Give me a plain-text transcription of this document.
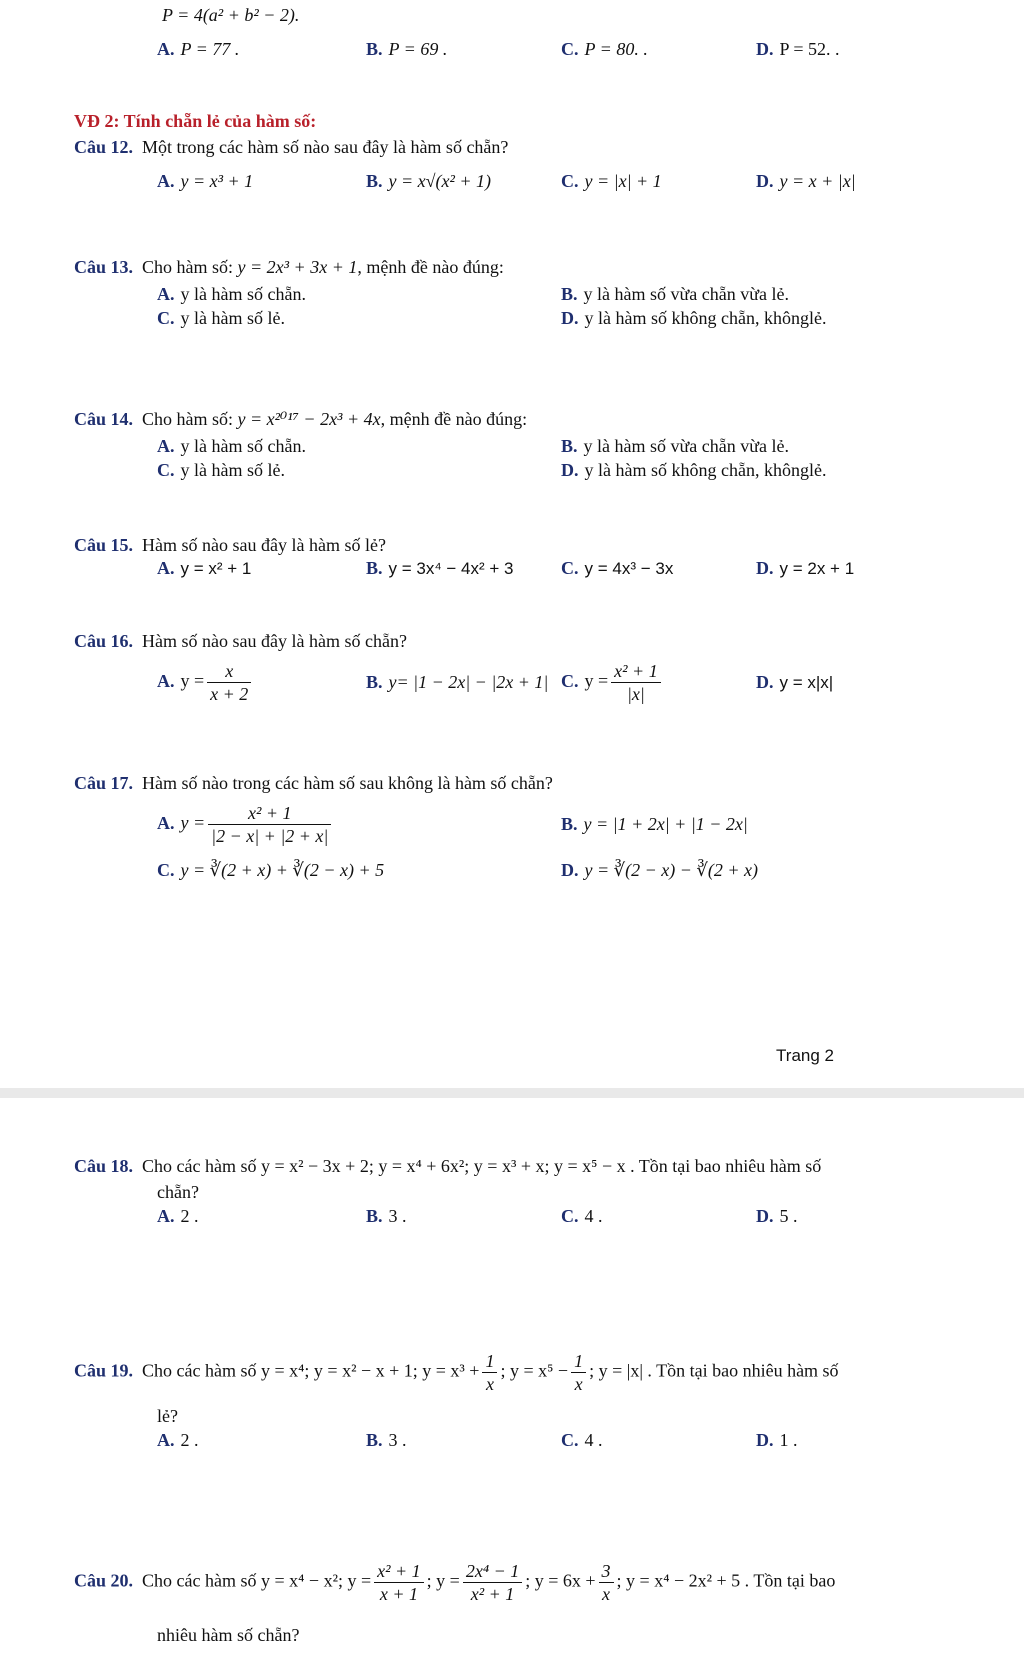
P = 4(a² + b² − 2).
A. P = 77 .	B. P = 69 .	C. P = 80. .	D. P = 52. .
VĐ 2: Tính chẵn lẻ của hàm số:
Câu 12. Một trong các hàm số nào sau đây là hàm số chẵn?
A. y = x³ + 1	B. y = x√(x² + 1)	C. y = |x| + 1	D. y = x + |x|
Câu 13. Cho hàm số: y = 2x³ + 3x + 1, mệnh đề nào đúng:
A. y là hàm số chẵn.	B. y là hàm số vừa chẵn vừa lẻ.
C. y là hàm số lẻ.	D. y là hàm số không chẵn, khônglẻ.
Câu 14. Cho hàm số: y = x²⁰¹⁷ − 2x³ + 4x, mệnh đề nào đúng:
A. y là hàm số chẵn.	B. y là hàm số vừa chẵn vừa lẻ.
C. y là hàm số lẻ.	D. y là hàm số không chẵn, khônglẻ.
Câu 15. Hàm số nào sau đây là hàm số lẻ?
A. y = x² + 1	B. y = 3x⁴ − 4x² + 3	C. y = 4x³ − 3x	D. y = 2x + 1
Câu 16. Hàm số nào sau đây là hàm số chẵn?
A. $y = \frac{x}{x + 2}$	B. y= |1 − 2x| − |2x + 1| C. $y = \frac{\text{x² + 1}}{|x|}$	D. y = x|x|
Câu 17. Hàm số nào trong các hàm số sau không là hàm số chẵn?
A. $y = \frac{\text{x² + 1}}{|2 - x| + |2 + x|}$	B. y = |1 + 2x| + |1 − 2x|
C. y = ∛(2 + x) + ∛(2 − x) + 5	D. y = ∛(2 − x) − ∛(2 + x)
Trang 2
Câu 18. Cho các hàm số y = x² − 3x + 2; y = x⁴ + 6x²; y = x³ + x; y = x⁵ − x . Tồn tại bao nhiêu hàm số
chẵn?
A. 2 .	B. 3 .	C. 4 .	D. 5 .
Câu 19. Cho các hàm số y = x⁴; y = x² − x + 1; $y = x^3 + \frac{1}{x}$ ; $y = x^5 - \frac{1}{x}$ ; y = |x| . Tồn tại bao nhiêu hàm số
lẻ?
A. 2 .	B. 3 .	C. 4 .	D. 1 .
Câu 20. Cho các hàm số y = x⁴ − x²; $y = \frac{\text{x² + 1}}{x + 1}$ ; $y = \frac{\text{2x⁴ − 1}}{\text{x² + 1}}$ ; $y = 6x + \frac{3}{x}$ ; y = x⁴ − 2x² + 5 . Tồn tại bao
nhiêu hàm số chẵn?
